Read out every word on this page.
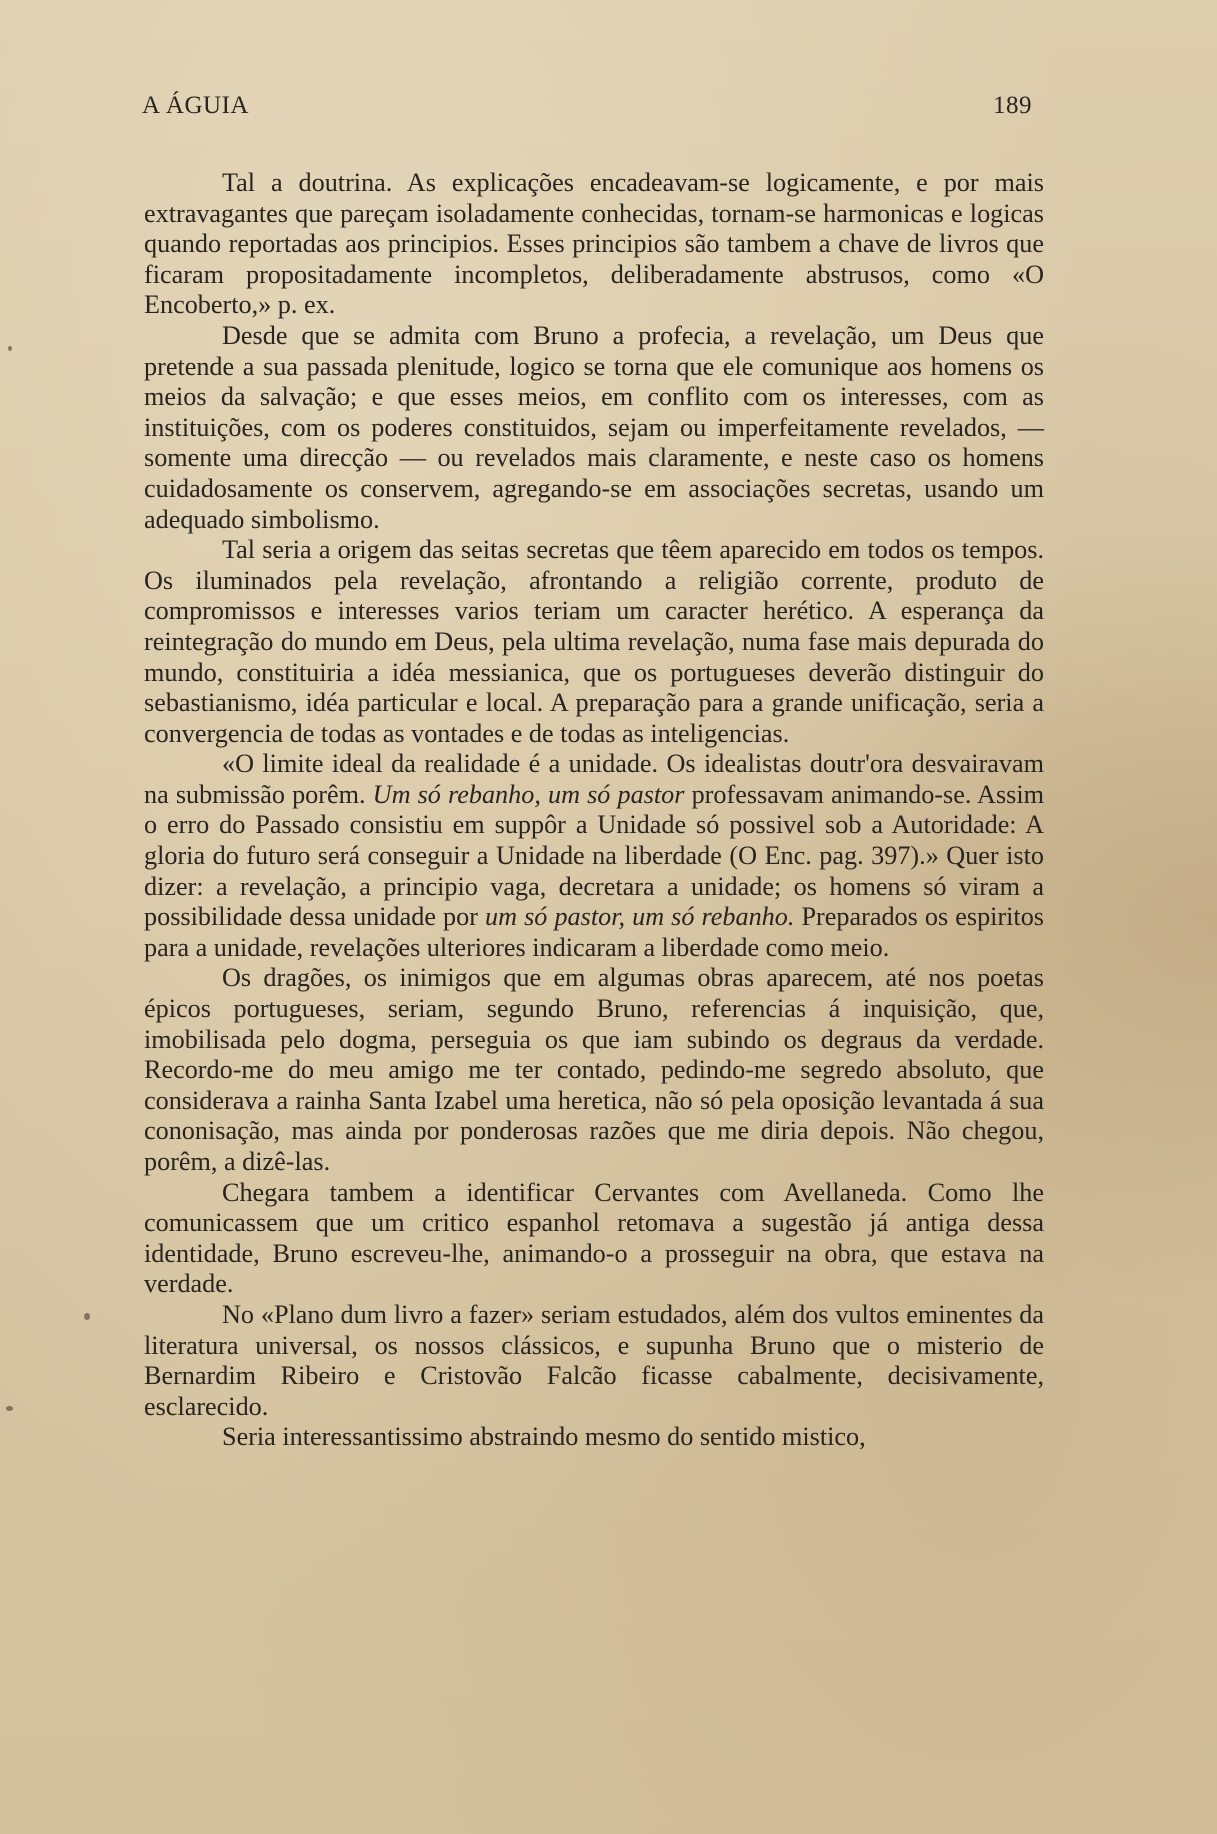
A ÁGUIA	189

Tal a doutrina. As explicações encadeavam-se logicamente, e por mais extravagantes que pareçam isoladamente conhecidas, tornam-se harmonicas e logicas quando reportadas aos principios. Esses principios são tambem a chave de livros que ficaram propositadamente incompletos, deliberadamente abstrusos, como «O Encoberto,» p. ex.

Desde que se admita com Bruno a profecia, a revelação, um Deus que pretende a sua passada plenitude, logico se torna que ele comunique aos homens os meios da salvação; e que esses meios, em conflito com os interesses, com as instituições, com os poderes constituidos, sejam ou imperfeitamente revelados, — somente uma direcção — ou revelados mais claramente, e neste caso os homens cuidadosamente os conservem, agregando-se em associações secretas, usando um adequado simbolismo.

Tal seria a origem das seitas secretas que têem aparecido em todos os tempos. Os iluminados pela revelação, afrontando a religião corrente, produto de compromissos e interesses varios teriam um caracter herético. A esperança da reintegração do mundo em Deus, pela ultima revelação, numa fase mais depurada do mundo, constituiria a idéa messianica, que os portugueses deverão distinguir do sebastianismo, idéa particular e local. A preparação para a grande unificação, seria a convergencia de todas as vontades e de todas as inteligencias.

«O limite ideal da realidade é a unidade. Os idealistas doutr'ora desvairavam na submissão porêm. Um só rebanho, um só pastor professavam animando-se. Assim o erro do Passado consistiu em suppôr a Unidade só possivel sob a Autoridade: A gloria do futuro será conseguir a Unidade na liberdade (O Enc. pag. 397).» Quer isto dizer: a revelação, a principio vaga, decretara a unidade; os homens só viram a possibilidade dessa unidade por um só pastor, um só rebanho. Preparados os espiritos para a unidade, revelações ulteriores indicaram a liberdade como meio.

Os dragões, os inimigos que em algumas obras aparecem, até nos poetas épicos portugueses, seriam, segundo Bruno, referencias á inquisição, que, imobilisada pelo dogma, perseguia os que iam subindo os degraus da verdade. Recordo-me do meu amigo me ter contado, pedindo-me segredo absoluto, que considerava a rainha Santa Izabel uma heretica, não só pela oposição levantada á sua cononisação, mas ainda por ponderosas razões que me diria depois. Não chegou, porêm, a dizê-las.

Chegara tambem a identificar Cervantes com Avellaneda. Como lhe comunicassem que um critico espanhol retomava a sugestão já antiga dessa identidade, Bruno escreveu-lhe, animando-o a prosseguir na obra, que estava na verdade.

No «Plano dum livro a fazer» seriam estudados, além dos vultos eminentes da literatura universal, os nossos clássicos, e supunha Bruno que o misterio de Bernardim Ribeiro e Cristovão Falcão ficasse cabalmente, decisivamente, esclarecido.

Seria interessantissimo abstraindo mesmo do sentido mistico,
